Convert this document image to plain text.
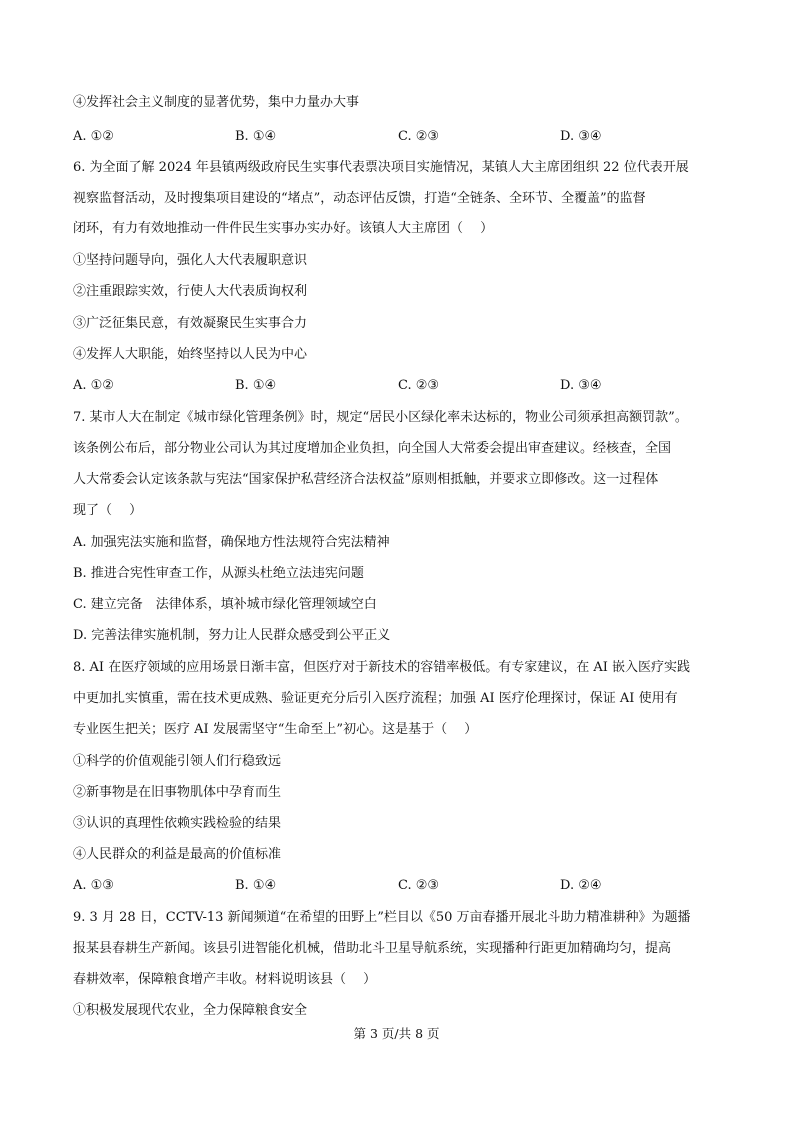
④发挥社会主义制度的显著优势，集中力量办大事
A. ①②	B. ①④	C. ②③	D. ③④
6. 为全面了解 2024 年县镇两级政府民生实事代表票决项目实施情况，某镇人大主席团组织 22 位代表开展
视察监督活动，及时搜集项目建设的“堵点”，动态评估反馈，打造“全链条、全环节、全覆盖”的监督
闭环，有力有效地推动一件件民生实事办实办好。该镇人大主席团（　 ）
①坚持问题导向，强化人大代表履职意识
②注重跟踪实效，行使人大代表质询权利
③广泛征集民意，有效凝聚民生实事合力
④发挥人大职能，始终坚持以人民为中心
A. ①②	B. ①④	C. ②③	D. ③④
7. 某市人大在制定《城市绿化管理条例》时，规定“居民小区绿化率未达标的，物业公司须承担高额罚款”。
该条例公布后，部分物业公司认为其过度增加企业负担，向全国人大常委会提出审查建议。经核查，全国
人大常委会认定该条款与宪法“国家保护私营经济合法权益”原则相抵触，并要求立即修改。这一过程体
现了（　 ）
A. 加强宪法实施和监督，确保地方性法规符合宪法精神
B. 推进合宪性审查工作，从源头杜绝立法违宪问题
C. 建立完备　法律体系，填补城市绿化管理领域空白
D. 完善法律实施机制，努力让人民群众感受到公平正义
8. AI 在医疗领域的应用场景日渐丰富，但医疗对于新技术的容错率极低。有专家建议，在 AI 嵌入医疗实践
中更加扎实慎重，需在技术更成熟、验证更充分后引入医疗流程；加强 AI 医疗伦理探讨，保证 AI 使用有
专业医生把关；医疗 AI 发展需坚守“生命至上”初心。这是基于（　 ）
①科学的价值观能引领人们行稳致远
②新事物是在旧事物肌体中孕育而生
③认识的真理性依赖实践检验的结果
④人民群众的利益是最高的价值标准
A. ①③	B. ①④	C. ②③	D. ②④
9. 3 月 28 日，CCTV-13 新闻频道“在希望的田野上”栏目以《50 万亩春播开展北斗助力精准耕种》为题播
报某县春耕生产新闻。该县引进智能化机械，借助北斗卫星导航系统，实现播种行距更加精确均匀，提高
春耕效率，保障粮食增产丰收。材料说明该县（　 ）
①积极发展现代农业，全力保障粮食安全
第 3 页/共 8 页
